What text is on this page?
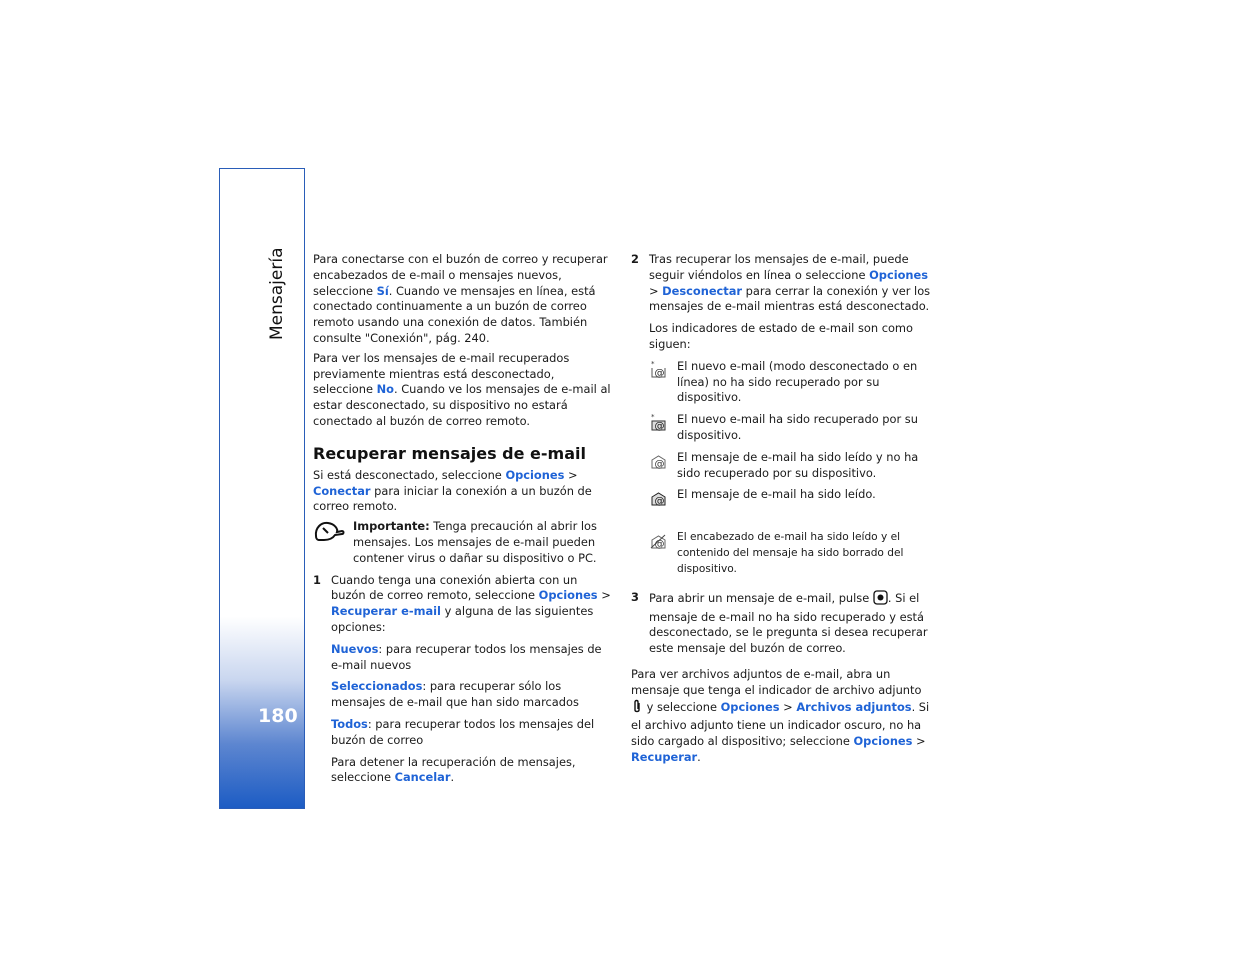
180

Para conectarse con el buzón de correo y recuperar encabezados de e-mail o mensajes nuevos, seleccione Sí. Cuando ve mensajes en línea, está conectado continuamente a un buzón de correo remoto usando una conexión de datos. También consulte "Conexión", pág. 240.

Para ver los mensajes de e-mail recuperados previamente mientras está desconectado, seleccione No. Cuando ve los mensajes de e-mail al estar desconectado, su dispositivo no estará conectado al buzón de correo remoto.

Recuperar mensajes de e-mail

Si está desconectado, seleccione Opciones > Conectar para iniciar la conexión a un buzón de correo remoto.

Importante: Tenga precaución al abrir los mensajes. Los mensajes de e-mail pueden contener virus o dañar su dispositivo o PC.
1 Cuando tenga una conexión abierta con un buzón de correo remoto, seleccione Opciones > Recuperar e-mail y alguna de las siguientes opciones:

Nuevos: para recuperar todos los mensajes de e-mail nuevos

Seleccionados: para recuperar sólo los mensajes de e-mail que han sido marcados

Todos: para recuperar todos los mensajes del buzón de correo

Para detener la recuperación de mensajes, seleccione Cancelar.

2 Tras recuperar los mensajes de e-mail, puede seguir viéndolos en línea o seleccione Opciones > Desconectar para cerrar la conexión y ver los mensajes de e-mail mientras está desconectado.

Los indicadores de estado de e-mail son como siguen:

*
@
El nuevo e-mail (modo desconectado o en línea) no ha sido recuperado por su dispositivo.
*
@
El nuevo e-mail ha sido recuperado por su dispositivo.
@
El mensaje de e-mail ha sido leído y no ha sido recuperado por su dispositivo.
@
El mensaje de e-mail ha sido leído.
@
El encabezado de e-mail ha sido leído y el contenido del mensaje ha sido borrado del dispositivo.
3 Para abrir un mensaje de e-mail, pulse . Si el mensaje de e-mail no ha sido recuperado y está desconectado, se le pregunta si desea recuperar este mensaje del buzón de correo.

Para ver archivos adjuntos de e-mail, abra un mensaje que tenga el indicador de archivo adjunto  y seleccione Opciones > Archivos adjuntos. Si el archivo adjunto tiene un indicador oscuro, no ha sido cargado al dispositivo; seleccione Opciones > Recuperar.
